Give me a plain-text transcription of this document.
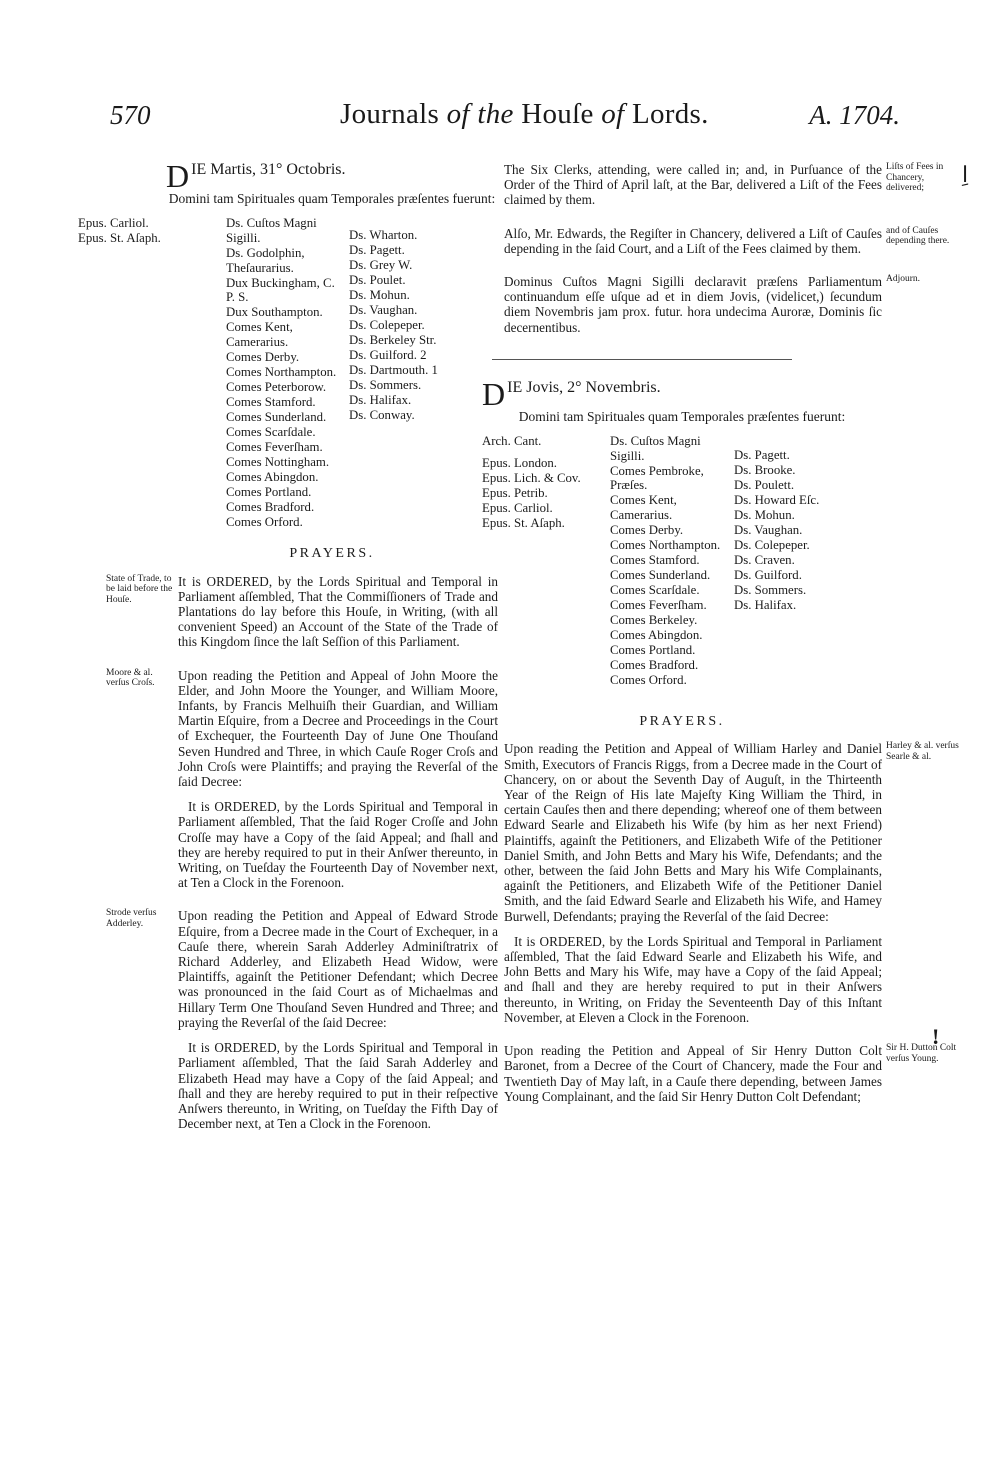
570	Journals of the Houſe of Lords.	A. 1704.
اِ
!
DIE Martis, 31° Octobris.
Domini tam Spirituales quam Temporales præſentes fuerunt:
Epus. Carliol.
Epus. St. Aſaph.
Ds. Cuſtos Magni Sigilli.
Ds. Godolphin, Theſaurarius.
Dux Buckingham, C. P. S.
Dux Southampton.
Comes Kent, Camerarius.
Comes Derby.
Comes Northampton.
Comes Peterborow.
Comes Stamford.
Comes Sunderland.
Comes Scarſdale.
Comes Feverſham.
Comes Nottingham.
Comes Abingdon.
Comes Portland.
Comes Bradford.
Comes Orford.
Ds. Wharton.
Ds. Pagett.
Ds. Grey W.
Ds. Poulet.
Ds. Mohun.
Ds. Vaughan.
Ds. Colepeper.
Ds. Berkeley Str.
Ds. Guilford. 2
Ds. Dartmouth. 1
Ds. Sommers.
Ds. Halifax.
Ds. Conway.
PRAYERS.
State of Trade, to be laid before the Houſe.

It is ORDERED, by the Lords Spiritual and Temporal in Parliament aſſembled, That the Commiſſioners of Trade and Plantations do lay before this Houſe, in Writing, (with all convenient Speed) an Account of the State of the Trade of this Kingdom ſince the laſt Seſſion of this Parliament.

Moore & al. verſus Croſs.

Upon reading the Petition and Appeal of John Moore the Elder, and John Moore the Younger, and William Moore, Infants, by Francis Melhuiſh their Guardian, and William Martin Eſquire, from a Decree and Proceedings in the Court of Exchequer, the Fourteenth Day of June One Thouſand Seven Hundred and Three, in which Cauſe Roger Croſs and John Croſs were Plaintiffs; and praying the Reverſal of the ſaid Decree:

It is ORDERED, by the Lords Spiritual and Temporal in Parliament aſſembled, That the ſaid Roger Croſſe and John Croſſe may have a Copy of the ſaid Appeal; and ſhall and they are hereby required to put in their Anſwer thereunto, in Writing, on Tueſday the Fourteenth Day of November next, at Ten a Clock in the Forenoon.

Strode verſus Adderley.

Upon reading the Petition and Appeal of Edward Strode Eſquire, from a Decree made in the Court of Exchequer, in a Cauſe there, wherein Sarah Adderley Adminiſtratrix of Richard Adderley, and Elizabeth Head Widow, were Plaintiffs, againſt the Petitioner Defendant; which Decree was pronounced in the ſaid Court as of Michaelmas and Hillary Term One Thouſand Seven Hundred and Three; and praying the Reverſal of the ſaid Decree:

It is ORDERED, by the Lords Spiritual and Temporal in Parliament aſſembled, That the ſaid Sarah Adderley and Elizabeth Head may have a Copy of the ſaid Appeal; and ſhall and they are hereby required to put in their reſpective Anſwers thereunto, in Writing, on Tueſday the Fifth Day of December next, at Ten a Clock in the Forenoon.

Liſts of Fees in Chancery, delivered;

The Six Clerks, attending, were called in; and, in Purſuance of the Order of the Third of April laſt, at the Bar, delivered a Liſt of the Fees claimed by them.

and of Cauſes depending there.

Alſo, Mr. Edwards, the Regiſter in Chancery, delivered a Liſt of Cauſes depending in the ſaid Court, and a Liſt of the Fees claimed by them.

Adjourn.

Dominus Cuſtos Magni Sigilli declaravit præſens Parliamentum continuandum eſſe uſque ad et in diem Jovis, (videlicet,) ſecundum diem Novembris jam prox. futur. hora undecima Auroræ, Dominis ſic decernentibus.

DIE Jovis, 2° Novembris.
Domini tam Spirituales quam Temporales præſentes fuerunt:
Arch. Cant.
Epus. London.
Epus. Lich. & Cov.
Epus. Petrib.
Epus. Carliol.
Epus. St. Aſaph.
Ds. Cuſtos Magni Sigilli.
Comes Pembroke, Præſes.
Comes Kent, Camerarius.
Comes Derby.
Comes Northampton.
Comes Stamford.
Comes Sunderland.
Comes Scarſdale.
Comes Feverſham.
Comes Berkeley.
Comes Abingdon.
Comes Portland.
Comes Bradford.
Comes Orford.
Ds. Pagett.
Ds. Brooke.
Ds. Poulett.
Ds. Howard Eſc.
Ds. Mohun.
Ds. Vaughan.
Ds. Colepeper.
Ds. Craven.
Ds. Guilford.
Ds. Sommers.
Ds. Halifax.
PRAYERS.
Harley & al. verſus Searle & al.

Upon reading the Petition and Appeal of William Harley and Daniel Smith, Executors of Francis Riggs, from a Decree made in the Court of Chancery, on or about the Seventh Day of Auguſt, in the Thirteenth Year of the Reign of His late Majeſty King William the Third, in certain Cauſes then and there depending; whereof one of them between Edward Searle and Elizabeth his Wife (by him as her next Friend) Plaintiffs, againſt the Petitioners, and Elizabeth Wife of the Petitioner Daniel Smith, and John Betts and Mary his Wife, Defendants; and the other, between the ſaid John Betts and Mary his Wife Complainants, againſt the Petitioners, and Elizabeth Wife of the Petitioner Daniel Smith, and the ſaid Edward Searle and Elizabeth his Wife, and Hamey Burwell, Defendants; praying the Reverſal of the ſaid Decree:

It is ORDERED, by the Lords Spiritual and Temporal in Parliament aſſembled, That the ſaid Edward Searle and Elizabeth his Wife, and John Betts and Mary his Wife, may have a Copy of the ſaid Appeal; and ſhall and they are hereby required to put in their Anſwers thereunto, in Writing, on Friday the Seventeenth Day of this Inſtant November, at Eleven a Clock in the Forenoon.

Sir H. Dutton Colt verſus Young.

Upon reading the Petition and Appeal of Sir Henry Dutton Colt Baronet, from a Decree of the Court of Chancery, made the Four and Twentieth Day of May laſt, in a Cauſe there depending, between James Young Complainant, and the ſaid Sir Henry Dutton Colt Defendant;
